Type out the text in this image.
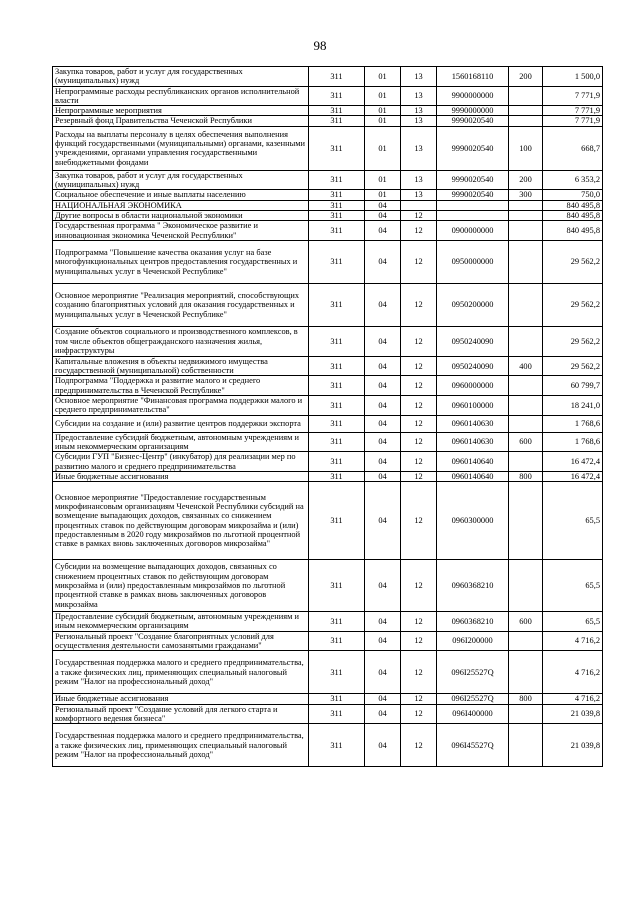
98
Закупка товаров, работ и услуг для государственных (муниципальных) нужд	311	01	13	1560168110	200	1 500,0
Непрограммные расходы республиканских органов исполнительной власти	311	01	13	9900000000		7 771,9
Непрограммные мероприятия	311	01	13	9990000000		7 771,9
Резервный фонд Правительства Чеченской Республики	311	01	13	9990020540		7 771,9
Расходы на выплаты персоналу в целях обеспечения выполнения функций государственными (муниципальными) органами, казенными учреждениями, органами управления государственными внебюджетными фондами	311	01	13	9990020540	100	668,7
Закупка товаров, работ и услуг для государственных (муниципальных) нужд	311	01	13	9990020540	200	6 353,2
Социальное обеспечение и иные выплаты населению	311	01	13	9990020540	300	750,0
НАЦИОНАЛЬНАЯ ЭКОНОМИКА	311	04				840 495,8
Другие вопросы в области национальной экономики	311	04	12			840 495,8
Государственная программа " Экономическое развитие и инновационная экономика Чеченской Республики"	311	04	12	0900000000		840 495,8
Подпрограмма "Повышение качества оказания услуг на базе многофункциональных центров предоставления государственных и муниципальных услуг в Чеченской Республике"	311	04	12	0950000000		29 562,2
Основное мероприятие "Реализация мероприятий, способствующих созданию благоприятных условий для оказания государственных и муниципальных услуг в Чеченской Республике"	311	04	12	0950200000		29 562,2
Создание объектов социального и производственного комплексов, в том числе объектов общегражданского назначения жилья, инфраструктуры	311	04	12	0950240090		29 562,2
Капитальные вложения в объекты недвижимого имущества государственной (муниципальной) собственности	311	04	12	0950240090	400	29 562,2
Подпрограмма "Поддержка и развитие малого и среднего предпринимательства в Чеченской Республике"	311	04	12	0960000000		60 799,7
Основное мероприятие "Финансовая программа поддержки малого и среднего предпринимательства"	311	04	12	0960100000		18 241,0
Субсидии на создание и (или) развитие центров поддержки экспорта	311	04	12	0960140630		1 768,6
Предоставление субсидий бюджетным, автономным учреждениям и иным некоммерческим организациям	311	04	12	0960140630	600	1 768,6
Субсидии ГУП "Бизнес-Центр" (инкубатор) для реализации мер по развитию малого и среднего предпринимательства	311	04	12	0960140640		16 472,4
Иные бюджетные ассигнования	311	04	12	0960140640	800	16 472,4
Основное мероприятие "Предоставление государственным микрофинансовым организациям Чеченской Республики субсидий на возмещение выпадающих доходов, связанных со снижением процентных ставок по действующим договорам микрозайма и (или) предоставленным в 2020 году микрозаймов по льготной процентной ставке в рамках вновь заключенных договоров микрозайма"	311	04	12	0960300000		65,5
Субсидии на возмещение выпадающих доходов, связанных со снижением процентных ставок по действующим договорам микрозайма и (или) предоставленным микрозаймов по льготной процентной ставке в рамках вновь заключенных договоров микрозайма	311	04	12	0960368210		65,5
Предоставление субсидий бюджетным, автономным учреждениям и иным некоммерческим организациям	311	04	12	0960368210	600	65,5
Региональный проект "Создание благоприятных условий для осуществления деятельности самозанятыми гражданами"	311	04	12	096I200000		4 716,2
Государственная поддержка малого и среднего предпринимательства, а также физических лиц, применяющих специальный налоговый режим "Налог на профессиональный доход"	311	04	12	096I25527Q		4 716,2
Иные бюджетные ассигнования	311	04	12	096I25527Q	800	4 716,2
Региональный проект "Создание условий для легкого старта и комфортного ведения бизнеса"	311	04	12	096I400000		21 039,8
Государственная поддержка малого и среднего предпринимательства, а также физических лиц, применяющих специальный налоговый режим "Налог на профессиональный доход"	311	04	12	096I45527Q		21 039,8
